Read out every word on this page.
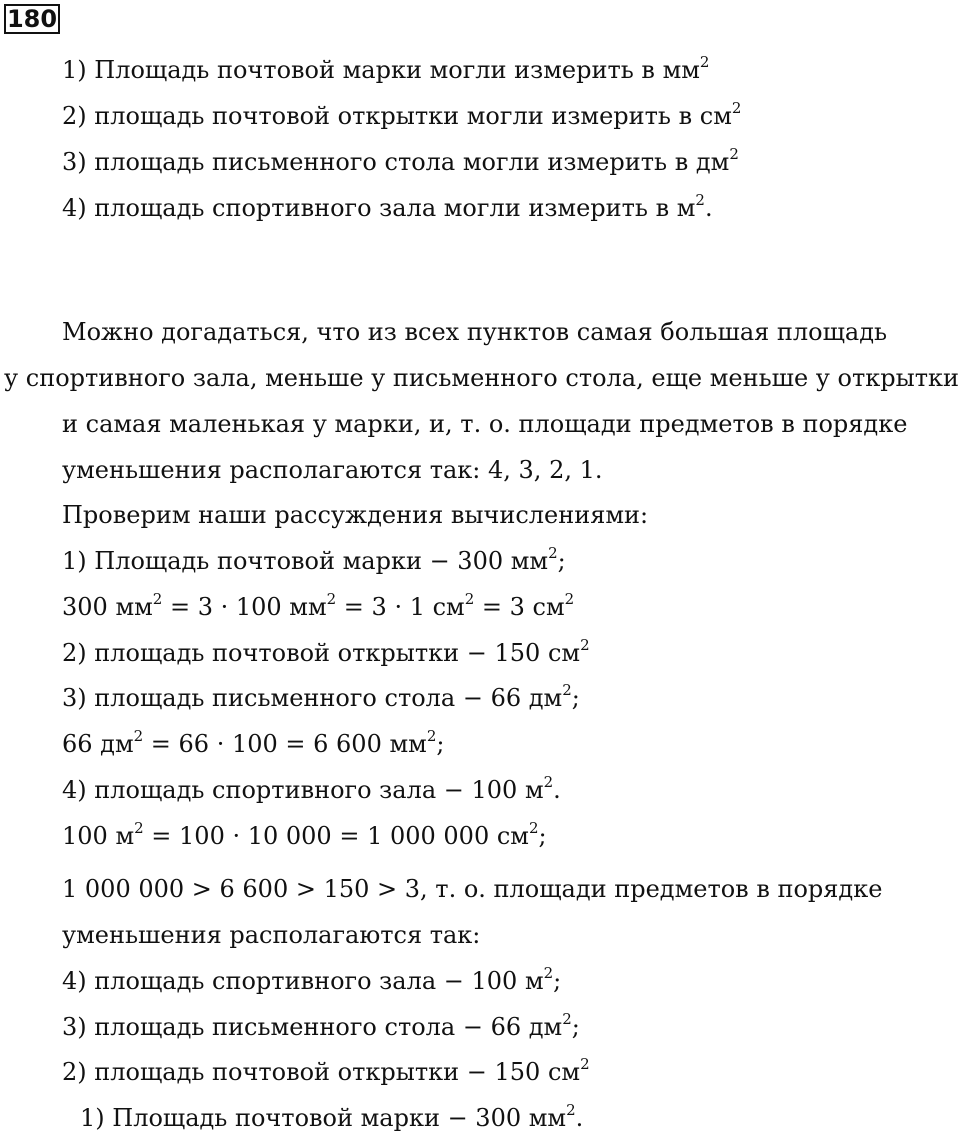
180
1) Площадь почтовой марки могли измерить в $мм^2$
2) площадь почтовой открытки могли измерить в $см^2$
3) площадь письменного стола могли измерить в $дм^2$
4) площадь спортивного зала могли измерить в $м^2$.
Можно догадаться, что из всех пунктов самая большая площадь
у спортивного зала, меньше у письменного стола, еще меньше у открытки
и самая маленькая у марки, и, т. о. площади предметов в порядке
уменьшения располагаются так: 4, 3, 2, 1.
Проверим наши рассуждения вычислениями:
1) Площадь почтовой марки − 300 $мм^2$;
300 $мм^2 = 3 \cdot 100$ $мм^2 = 3 \cdot 1$ $см^2 = 3$ $см^2$
2) площадь почтовой открытки − 150 $см^2$
3) площадь письменного стола − 66 $дм^2$;
66 $дм^2 = 66 \cdot 100 = 6$ 600 $мм^2$;
4) площадь спортивного зала − 100 $м^2$.
100 $м^2 = 100 \cdot 10$ 000 = 1 000 000 $см^2$;
1 000 000 > 6 600 > 150 > 3, т. о. площади предметов в порядке
уменьшения располагаются так:
4) площадь спортивного зала − 100 $м^2$;
3) площадь письменного стола − 66 $дм^2$;
2) площадь почтовой открытки − 150 $см^2$
1) Площадь почтовой марки − 300 $мм^2$.
